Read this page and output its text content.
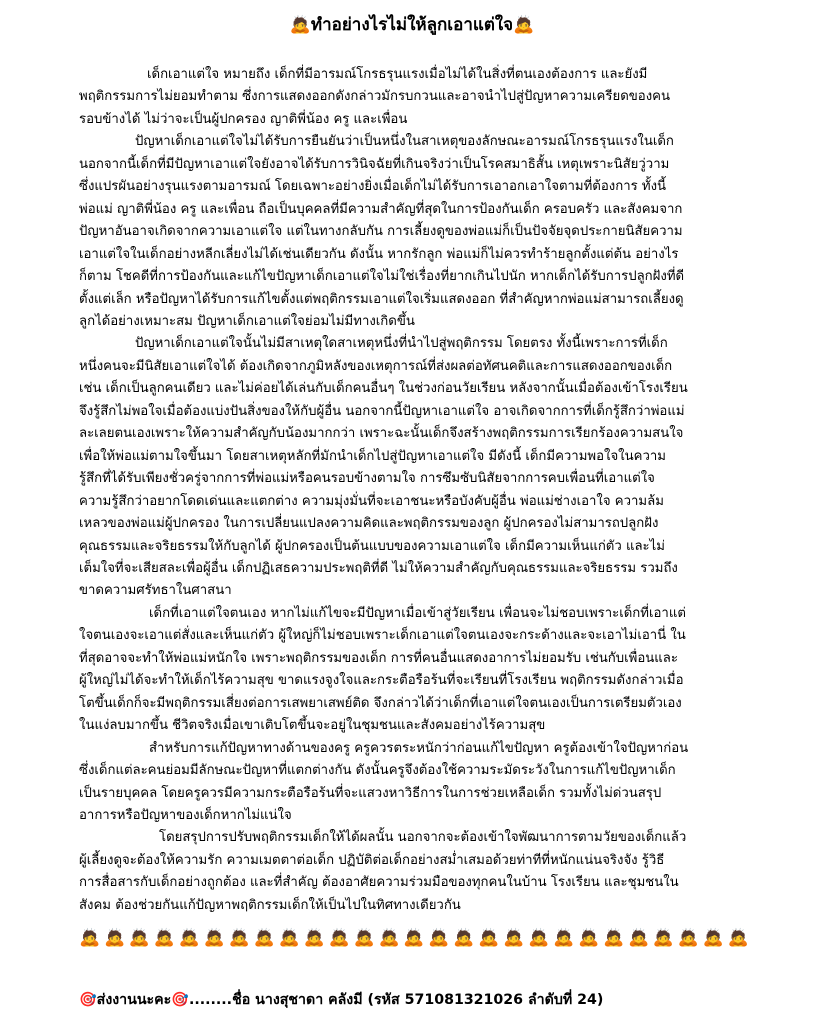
🙇ทำอย่างไรไม่ให้ลูกเอาแต่ใจ🙇

เด็กเอาแต่ใจ หมายถึง เด็กที่มีอารมณ์โกรธรุนแรงเมื่อไม่ได้ในสิ่งที่ตนเองต้องการ และยังมี
พฤติกรรมการไม่ยอมทำตาม ซึ่งการแสดงออกดังกล่าวมักรบกวนและอาจนำไปสู่ปัญหาความเครียดของคน
รอบข้างได้ ไม่ว่าจะเป็นผู้ปกครอง ญาติพี่น้อง ครู และเพื่อน

ปัญหาเด็กเอาแต่ใจไม่ได้รับการยืนยันว่าเป็นหนึ่งในสาเหตุของลักษณะอารมณ์โกรธรุนแรงในเด็ก
นอกจากนี้เด็กที่มีปัญหาเอาแต่ใจยังอาจได้รับการวินิจฉัยที่เกินจริงว่าเป็นโรคสมาธิสั้น เหตุเพราะนิสัยวู่วาม
ซึ่งแปรผันอย่างรุนแรงตามอารมณ์ โดยเฉพาะอย่างยิ่งเมื่อเด็กไม่ได้รับการเอาอกเอาใจตามที่ต้องการ ทั้งนี้
พ่อแม่ ญาติพี่น้อง ครู และเพื่อน ถือเป็นบุคคลที่มีความสำคัญที่สุดในการป้องกันเด็ก ครอบครัว และสังคมจาก
ปัญหาอันอาจเกิดจากความเอาแต่ใจ แต่ในทางกลับกัน การเลี้ยงดูของพ่อแม่ก็เป็นปัจจัยจุดประกายนิสัยความ
เอาแต่ใจในเด็กอย่างหลีกเลี่ยงไม่ได้เช่นเดียวกัน ดังนั้น หากรักลูก พ่อแม่ก็ไม่ควรทำร้ายลูกตั้งแต่ต้น อย่างไร
ก็ตาม โชคดีที่การป้องกันและแก้ไขปัญหาเด็กเอาแต่ใจไม่ใช่เรื่องที่ยากเกินไปนัก หากเด็กได้รับการปลูกฝังที่ดี
ตั้งแต่เล็ก หรือปัญหาได้รับการแก้ไขตั้งแต่พฤติกรรมเอาแต่ใจเริ่มแสดงออก ที่สำคัญหากพ่อแม่สามารถเลี้ยงดู
ลูกได้อย่างเหมาะสม ปัญหาเด็กเอาแต่ใจย่อมไม่มีทางเกิดขึ้น

ปัญหาเด็กเอาแต่ใจนั้นไม่มีสาเหตุใดสาเหตุหนึ่งที่นำไปสู่พฤติกรรม โดยตรง ทั้งนี้เพราะการที่เด็ก
หนึ่งคนจะมีนิสัยเอาแต่ใจได้ ต้องเกิดจากภูมิหลังของเหตุการณ์ที่ส่งผลต่อทัศนคติและการแสดงออกของเด็ก
เช่น เด็กเป็นลูกคนเดียว และไม่ค่อยได้เล่นกับเด็กคนอื่นๆ ในช่วงก่อนวัยเรียน หลังจากนั้นเมื่อต้องเข้าโรงเรียน
จึงรู้สึกไม่พอใจเมื่อต้องแบ่งปันสิ่งของให้กับผู้อื่น นอกจากนี้ปัญหาเอาแต่ใจ อาจเกิดจากการที่เด็กรู้สึกว่าพ่อแม่
ละเลยตนเองเพราะให้ความสำคัญกับน้องมากกว่า เพราะฉะนั้นเด็กจึงสร้างพฤติกรรมการเรียกร้องความสนใจ
เพื่อให้พ่อแม่ตามใจขึ้นมา โดยสาเหตุหลักที่มักนำเด็กไปสู่ปัญหาเอาแต่ใจ มีดังนี้ เด็กมีความพอใจในความ
รู้สึกที่ได้รับเพียงชั่วครู่จากการที่พ่อแม่หรือคนรอบข้างตามใจ การซึมซับนิสัยจากการคบเพื่อนที่เอาแต่ใจ
ความรู้สึกว่าอยากโดดเด่นและแตกต่าง ความมุ่งมั่นที่จะเอาชนะหรือบังคับผู้อื่น พ่อแม่ช่างเอาใจ ความล้ม
เหลวของพ่อแม่ผู้ปกครอง ในการเปลี่ยนแปลงความคิดและพฤติกรรมของลูก ผู้ปกครองไม่สามารถปลูกฝัง
คุณธรรมและจริยธรรมให้กับลูกได้ ผู้ปกครองเป็นต้นแบบของความเอาแต่ใจ เด็กมีความเห็นแก่ตัว และไม่
เต็มใจที่จะเสียสละเพื่อผู้อื่น เด็กปฏิเสธความประพฤติที่ดี ไม่ให้ความสำคัญกับคุณธรรมและจริยธรรม รวมถึง
ขาดความศรัทธาในศาสนา

เด็กที่เอาแต่ใจตนเอง หากไม่แก้ไขจะมีปัญหาเมื่อเข้าสู่วัยเรียน เพื่อนจะไม่ชอบเพราะเด็กที่เอาแต่
ใจตนเองจะเอาแต่สั่งและเห็นแก่ตัว ผู้ใหญ่ก็ไม่ชอบเพราะเด็กเอาแต่ใจตนเองจะกระด้างและจะเอาไม่เอานี่ ใน
ที่สุดอาจจะทำให้พ่อแม่หนักใจ เพราะพฤติกรรมของเด็ก การที่คนอื่นแสดงอาการไม่ยอมรับ เช่นกับเพื่อนและ
ผู้ใหญ่ไม่ได้จะทำให้เด็กไร้ความสุข ขาดแรงจูงใจและกระตือรือร้นที่จะเรียนที่โรงเรียน พฤติกรรมดังกล่าวเมื่อ
โตขึ้นเด็กก็จะมีพฤติกรรมเสี่ยงต่อการเสพยาเสพย์ติด จึงกล่าวได้ว่าเด็กที่เอาแต่ใจตนเองเป็นการเตรียมตัวเอง
ในแง่ลบมากขึ้น ชีวิตจริงเมื่อเขาเติบโตขึ้นจะอยู่ในชุมชนและสังคมอย่างไร้ความสุข

สำหรับการแก้ปัญหาทางด้านของครู ครูควรตระหนักว่าก่อนแก้ไขปัญหา ครูต้องเข้าใจปัญหาก่อน
ซึ่งเด็กแต่ละคนย่อมมีลักษณะปัญหาที่แตกต่างกัน ดังนั้นครูจึงต้องใช้ความระมัดระวังในการแก้ไขปัญหาเด็ก
เป็นรายบุคคล โดยครูควรมีความกระตือรือร้นที่จะแสวงหาวิธีการในการช่วยเหลือเด็ก รวมทั้งไม่ด่วนสรุป
อาการหรือปัญหาของเด็กหากไม่แน่ใจ

โดยสรุปการปรับพฤติกรรมเด็กให้ได้ผลนั้น นอกจากจะต้องเข้าใจพัฒนาการตามวัยของเด็กแล้ว
ผู้เลี้ยงดูจะต้องให้ความรัก ความเมตตาต่อเด็ก ปฏิบัติต่อเด็กอย่างสม่ำเสมอด้วยท่าทีที่หนักแน่นจริงจัง รู้วิธี
การสื่อสารกับเด็กอย่างถูกต้อง และที่สำคัญ ต้องอาศัยความร่วมมือของทุกคนในบ้าน โรงเรียน และชุมชนใน
สังคม ต้องช่วยกันแก้ปัญหาพฤติกรรมเด็กให้เป็นไปในทิศทางเดียวกัน

🙇 🙇 🙇 🙇 🙇 🙇 🙇 🙇 🙇 🙇 🙇 🙇 🙇 🙇 🙇 🙇 🙇 🙇 🙇 🙇 🙇 🙇 🙇 🙇 🙇 🙇 🙇
🎯ส่งงานนะคะ🎯........ชื่อ นางสุชาดา คลังมี (รหัส 571081321026 ลำดับที่ 24)
